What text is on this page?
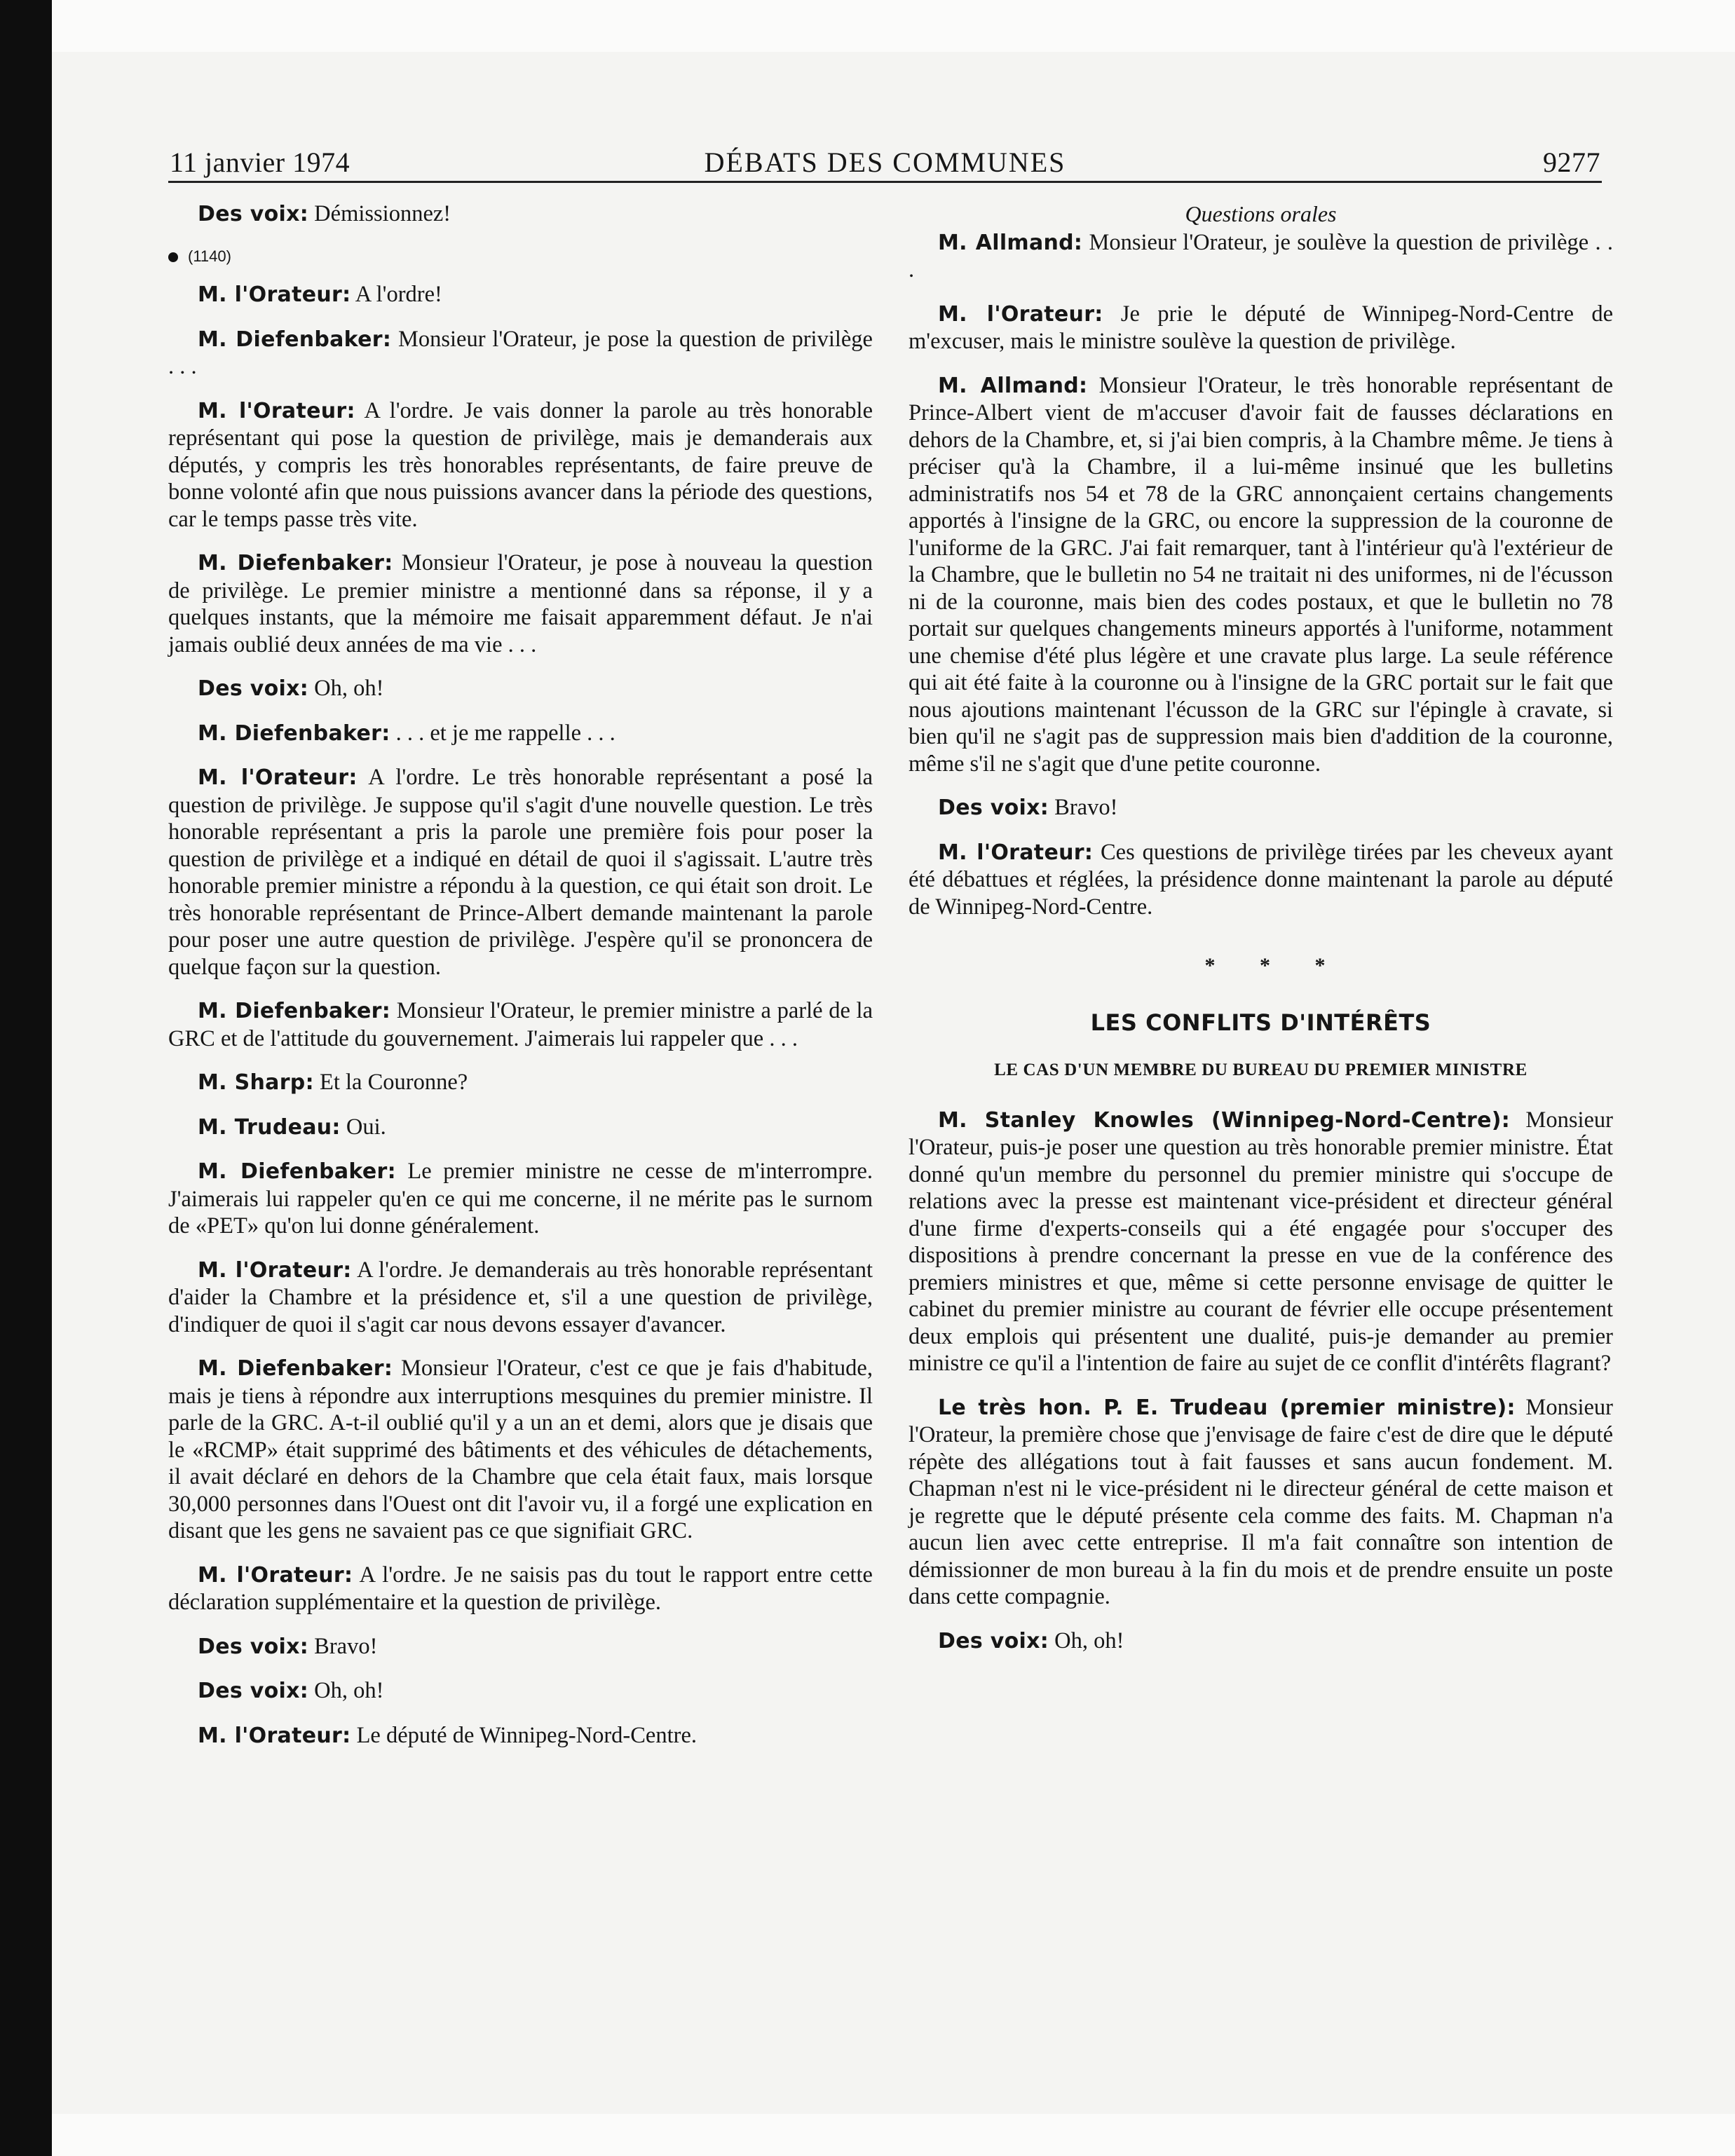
11 janvier 1974	DÉBATS DES COMMUNES	9277

Des voix: Démissionnez!

(1140)

M. l'Orateur: A l'ordre!

M. Diefenbaker: Monsieur l'Orateur, je pose la question de privilège . . .

M. l'Orateur: A l'ordre. Je vais donner la parole au très honorable représentant qui pose la question de privilège, mais je demanderais aux députés, y compris les très honorables représentants, de faire preuve de bonne volonté afin que nous puissions avancer dans la période des questions, car le temps passe très vite.

M. Diefenbaker: Monsieur l'Orateur, je pose à nouveau la question de privilège. Le premier ministre a mentionné dans sa réponse, il y a quelques instants, que la mémoire me faisait apparemment défaut. Je n'ai jamais oublié deux années de ma vie . . .

Des voix: Oh, oh!

M. Diefenbaker: . . . et je me rappelle . . .

M. l'Orateur: A l'ordre. Le très honorable représentant a posé la question de privilège. Je suppose qu'il s'agit d'une nouvelle question. Le très honorable représentant a pris la parole une première fois pour poser la question de privilège et a indiqué en détail de quoi il s'agissait. L'autre très honorable premier ministre a répondu à la question, ce qui était son droit. Le très honorable représentant de Prince-Albert demande maintenant la parole pour poser une autre question de privilège. J'espère qu'il se prononcera de quelque façon sur la question.

M. Diefenbaker: Monsieur l'Orateur, le premier ministre a parlé de la GRC et de l'attitude du gouvernement. J'aimerais lui rappeler que . . .

M. Sharp: Et la Couronne?

M. Trudeau: Oui.

M. Diefenbaker: Le premier ministre ne cesse de m'interrompre. J'aimerais lui rappeler qu'en ce qui me concerne, il ne mérite pas le surnom de «PET» qu'on lui donne généralement.

M. l'Orateur: A l'ordre. Je demanderais au très honorable représentant d'aider la Chambre et la présidence et, s'il a une question de privilège, d'indiquer de quoi il s'agit car nous devons essayer d'avancer.

M. Diefenbaker: Monsieur l'Orateur, c'est ce que je fais d'habitude, mais je tiens à répondre aux interruptions mesquines du premier ministre. Il parle de la GRC. A-t-il oublié qu'il y a un an et demi, alors que je disais que le «RCMP» était supprimé des bâtiments et des véhicules de détachements, il avait déclaré en dehors de la Chambre que cela était faux, mais lorsque 30,000 personnes dans l'Ouest ont dit l'avoir vu, il a forgé une explication en disant que les gens ne savaient pas ce que signifiait GRC.

M. l'Orateur: A l'ordre. Je ne saisis pas du tout le rapport entre cette déclaration supplémentaire et la question de privilège.

Des voix: Bravo!

Des voix: Oh, oh!

M. l'Orateur: Le député de Winnipeg-Nord-Centre.

Questions orales

M. Allmand: Monsieur l'Orateur, je soulève la question de privilège . . .

M. l'Orateur: Je prie le député de Winnipeg-Nord-Centre de m'excuser, mais le ministre soulève la question de privilège.

M. Allmand: Monsieur l'Orateur, le très honorable représentant de Prince-Albert vient de m'accuser d'avoir fait de fausses déclarations en dehors de la Chambre, et, si j'ai bien compris, à la Chambre même. Je tiens à préciser qu'à la Chambre, il a lui-même insinué que les bulletins administratifs nos 54 et 78 de la GRC annonçaient certains changements apportés à l'insigne de la GRC, ou encore la suppression de la couronne de l'uniforme de la GRC. J'ai fait remarquer, tant à l'intérieur qu'à l'extérieur de la Chambre, que le bulletin no 54 ne traitait ni des uniformes, ni de l'écusson ni de la couronne, mais bien des codes postaux, et que le bulletin no 78 portait sur quelques changements mineurs apportés à l'uniforme, notamment une chemise d'été plus légère et une cravate plus large. La seule référence qui ait été faite à la couronne ou à l'insigne de la GRC portait sur le fait que nous ajoutions maintenant l'écusson de la GRC sur l'épingle à cravate, si bien qu'il ne s'agit pas de suppression mais bien d'addition de la couronne, même s'il ne s'agit que d'une petite couronne.

Des voix: Bravo!

M. l'Orateur: Ces questions de privilège tirées par les cheveux ayant été débattues et réglées, la présidence donne maintenant la parole au député de Winnipeg-Nord-Centre.

* * *
LES CONFLITS D'INTÉRÊTS
LE CAS D'UN MEMBRE DU BUREAU DU PREMIER MINISTRE

M. Stanley Knowles (Winnipeg-Nord-Centre): Monsieur l'Orateur, puis-je poser une question au très honorable premier ministre. État donné qu'un membre du personnel du premier ministre qui s'occupe de relations avec la presse est maintenant vice-président et directeur général d'une firme d'experts-conseils qui a été engagée pour s'occuper des dispositions à prendre concernant la presse en vue de la conférence des premiers ministres et que, même si cette personne envisage de quitter le cabinet du premier ministre au courant de février elle occupe présentement deux emplois qui présentent une dualité, puis-je demander au premier ministre ce qu'il a l'intention de faire au sujet de ce conflit d'intérêts flagrant?

Le très hon. P. E. Trudeau (premier ministre): Monsieur l'Orateur, la première chose que j'envisage de faire c'est de dire que le député répète des allégations tout à fait fausses et sans aucun fondement. M. Chapman n'est ni le vice-président ni le directeur général de cette maison et je regrette que le député présente cela comme des faits. M. Chapman n'a aucun lien avec cette entreprise. Il m'a fait connaître son intention de démissionner de mon bureau à la fin du mois et de prendre ensuite un poste dans cette compagnie.

Des voix: Oh, oh!
